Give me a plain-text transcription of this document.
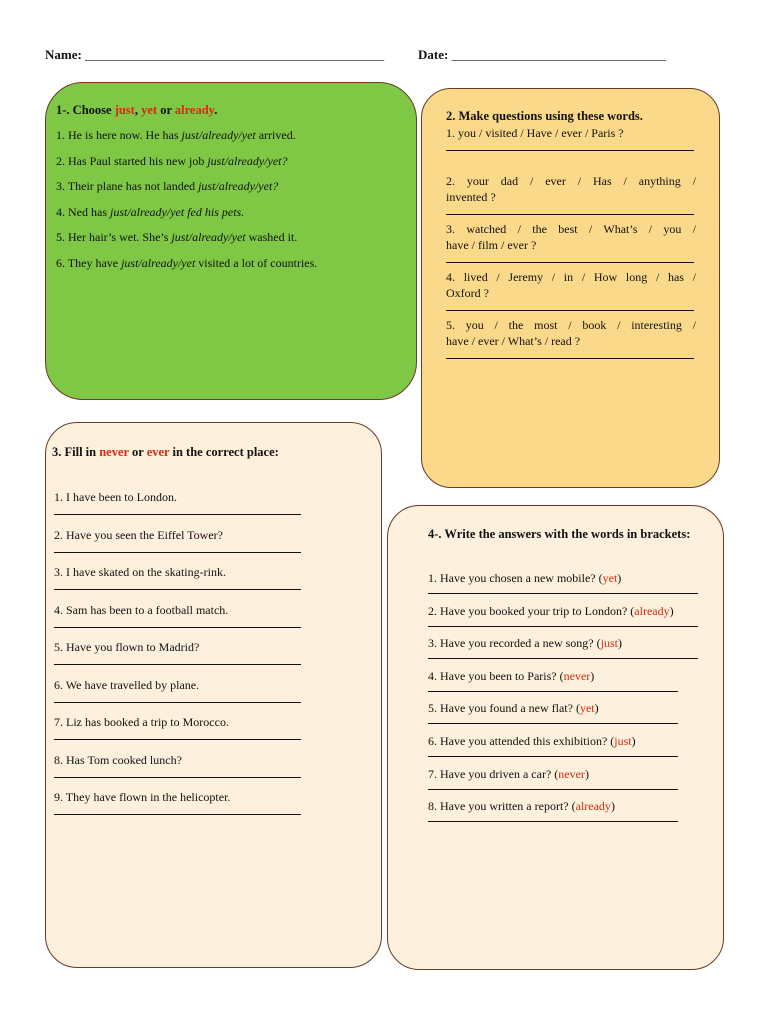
Name: ______________________________________________	Date: _________________________________
1-. Choose just, yet or already.
1. He is here now. He has just/already/yet arrived.
2. Has Paul started his new job just/already/yet?
3. Their plane has not landed just/already/yet?
4. Ned has just/already/yet fed his pets.
5. Her hair’s wet. She’s just/already/yet washed it.
6. They have just/already/yet visited a lot of countries.
2. Make questions using these words.
1. you / visited / Have / ever / Paris ?
2. your dad / ever / Has / anything /
invented ?
3. watched / the best / What’s / you /
have / film / ever ?
4. lived / Jeremy / in / How long / has /
Oxford ?
5. you / the most / book / interesting /
have / ever / What’s / read ?
3. Fill in never or ever in the correct place:
1. I have been to London.
2. Have you seen the Eiffel Tower?
3. I have skated on the skating-rink.
4. Sam has been to a football match.
5. Have you flown to Madrid?
6. We have travelled by plane.
7. Liz has booked a trip to Morocco.
8. Has Tom cooked lunch?
9. They have flown in the helicopter.
4-. Write the answers with the words in brackets:
1. Have you chosen a new mobile? (yet)
2. Have you booked your trip to London? (already)
3. Have you recorded a new song? (just)
4. Have you been to Paris? (never)
5. Have you found a new flat? (yet)
6. Have you attended this exhibition? (just)
7. Have you driven a car? (never)
8. Have you written a report? (already)
